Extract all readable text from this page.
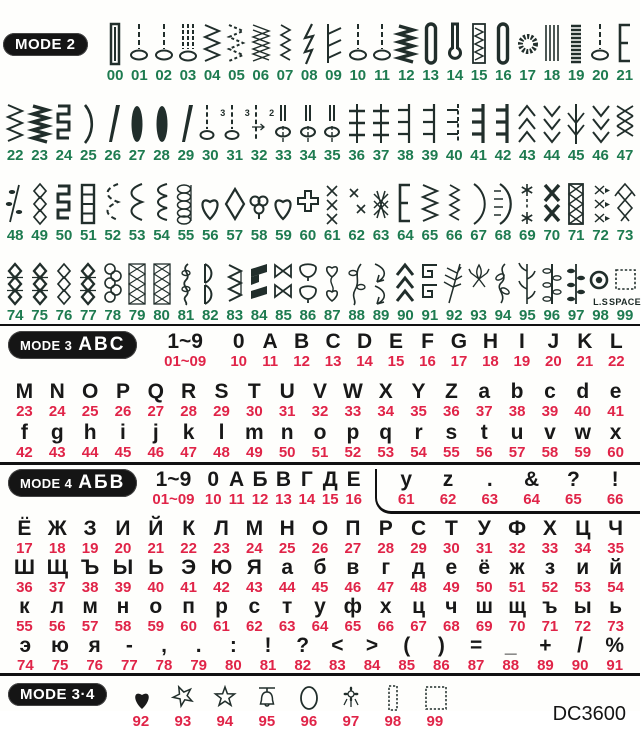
MODE 2
00 01 02 03 04 05 06 07 08 09 10 11 12 13 14 15 16 17 18 19 20 21
22 23 24 25 26 27 28 29
3
30
3
31
2
32 33 34 35 36 37 38 39 40 41 42 43 44 45 46 47
48 49 50 51 52 53 54 55 56 57 58 59 60 61 62 63 64 65 66 67 68 69 70 71 72 73
74 75 76 77 78 79 80 81 82 83 84 85 86 87 88 89 90 91 92 93 94 95 96 97
L.S
98
SPACE
99
MODE 3 ABC 1~9
01~09
0
10
A
11
B
12
C
13
D
14
E
15
F
16
G
17
H
18
I
19
J
20
K
21
L
22
M
23
N
24
O
25
P
26
Q
27
R
28
S
29
T
30
U
31
V
32
W
33
X
34
Y
35
Z
36
a
37
b
38
c
39
d
40
e
41
f
42
g
43
h
44
i
45
j
46
k
47
l
48
m
49
n
50
o
51
p
52
q
53
r
54
s
55
t
56
u
57
v
58
w
59
x
60
MODE 4 АБВ 1~9
01~09
0
10
А
11
Б
12
В
13
Г
14
Д
15
Е
16
y
61
z
62
.
63
&
64
?
65
!
66
Ё
17
Ж
18
З
19
И
20
Й
21
К
22
Л
23
М
24
Н
25
О
26
П
27
Р
28
С
29
Т
30
У
31
Ф
32
Х
33
Ц
34
Ч
35
Ш
36
Щ
37
Ъ
38
Ы
39
Ь
40
Э
41
Ю
42
Я
43
а
44
б
45
в
46
г
47
д
48
е
49
ё
50
ж
51
з
52
и
53
й
54
к
55
л
56
м
57
н
58
о
59
п
60
р
61
с
62
т
63
у
64
ф
65
х
66
ц
67
ч
68
ш
69
щ
70
ъ
71
ы
72
ь
73
э
74
ю
75
я
76
-
77
,
78
.
79
:
80
!
81
?
82
<
83
>
84
(
85
)
86
=
87
_
88
+
89
/
90
%
91
MODE 3·4
92 93 94 95 96 97 98 99	DC3600
